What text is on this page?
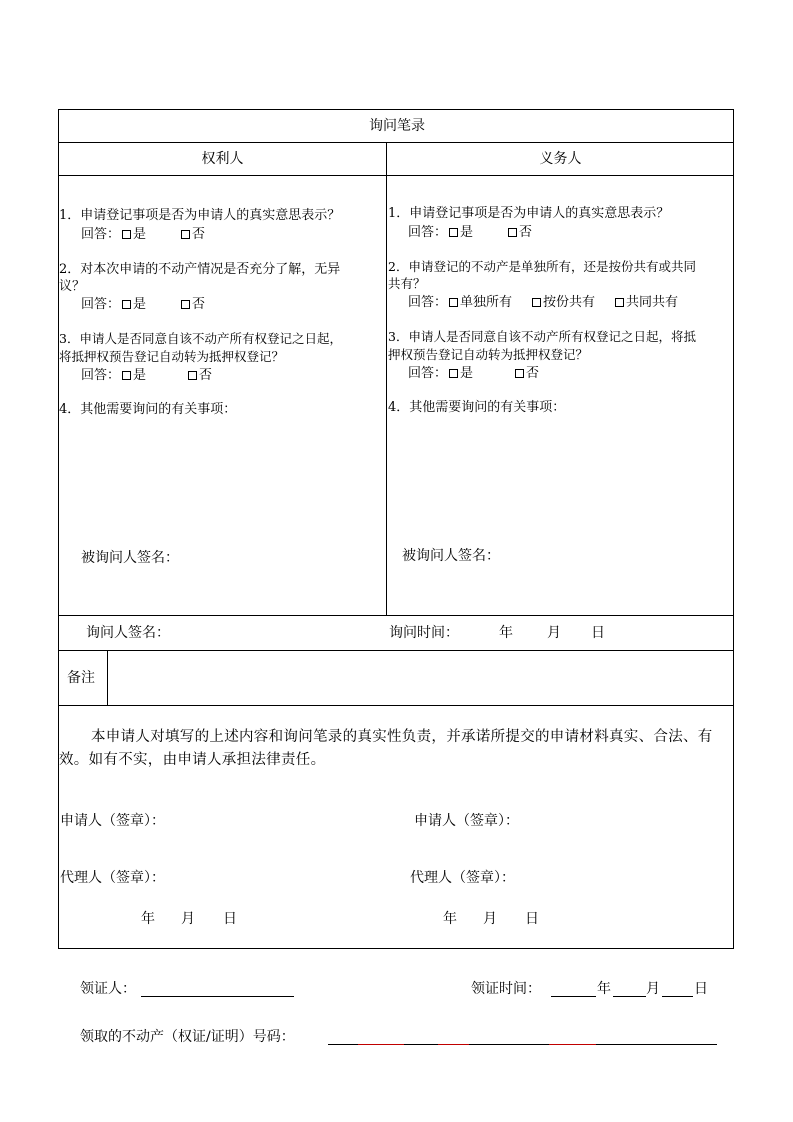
询问笔录
权利人	义务人
1．申请登记事项是否为申请人的真实意思表示？
回答： 是	否
2．对本次申请的不动产情况是否充分了解，无异
议？
回答： 是	否
3．申请人是否同意自该不动产所有权登记之日起，
将抵押权预告登记自动转为抵押权登记？
回答： 是	否
4．其他需要询问的有关事项：
被询问人签名：
1．申请登记事项是否为申请人的真实意思表示？
回答： 是	否
2．申请登记的不动产是单独所有，还是按份共有或共同
共有？
回答： 单独所有 按份共有 共同共有
3．申请人是否同意自该不动产所有权登记之日起，将抵
押权预告登记自动转为抵押权登记？
回答： 是	否
4．其他需要询问的有关事项：
被询问人签名：
询问人签名：	询问时间：	年 月 日
备注
本申请人对填写的上述内容和询问笔录的真实性负责，并承诺所提交的申请材料真实、合法、有效。如有不实，由申请人承担法律责任。
申请人（签章）：	申请人（签章）：
代理人（签章）：	代理人（签章）：
年 月 日	年 月 日
领证人：	领证时间：	年	月 日
领取的不动产（权证/证明）号码：
